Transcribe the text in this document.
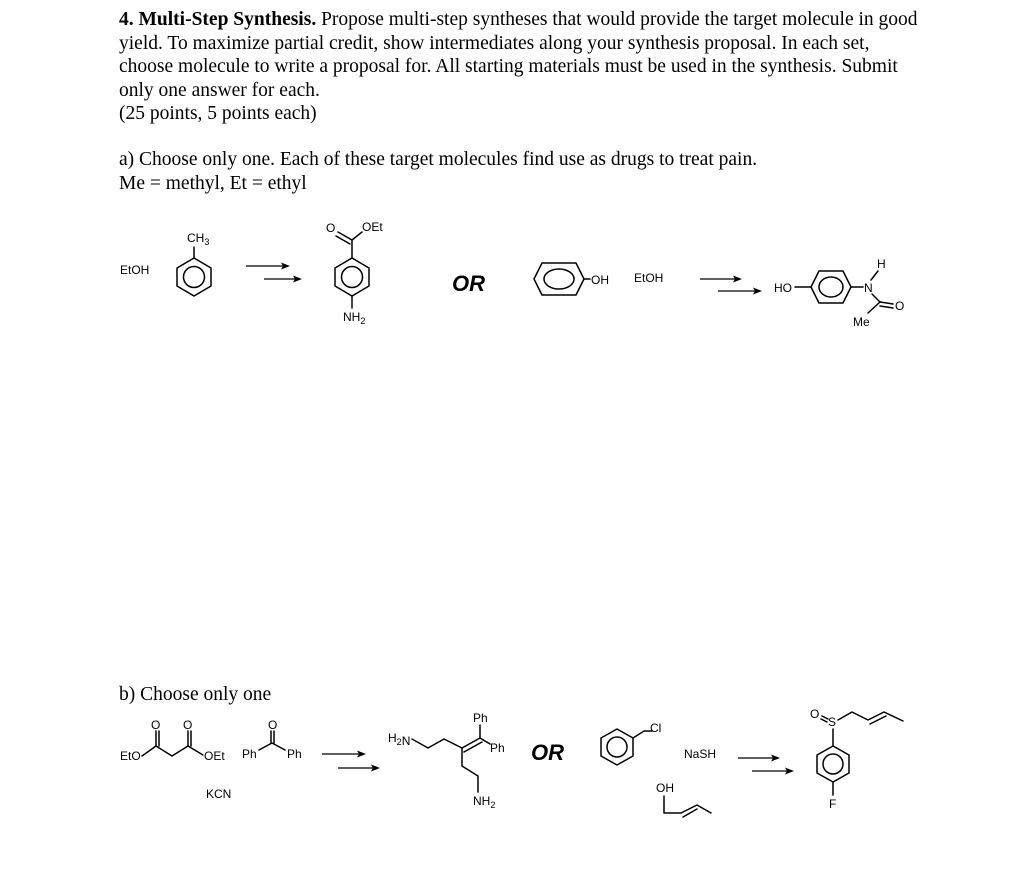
4. Multi-Step Synthesis. Propose multi-step syntheses that would provide the target molecule in good yield. To maximize partial credit, show intermediates along your synthesis proposal. In each set, choose molecule to write a proposal for. All starting materials must be used in the synthesis. Submit only one answer for each.

(25 points, 5 points each)

a) Choose only one. Each of these target molecules find use as drugs to treat pain.

Me = methyl, Et = ethyl

b) Choose only one

EtOH
$CH_3$
O OEt
$NH_2$
OR	OH EtOH
HO	N
H
O
Me
EtO
O O
OEt Ph
O
Ph
KCN
$H_2N$
Ph
Ph
$NH_2$
OR
Cl
OH
NaSH
O
S
F
